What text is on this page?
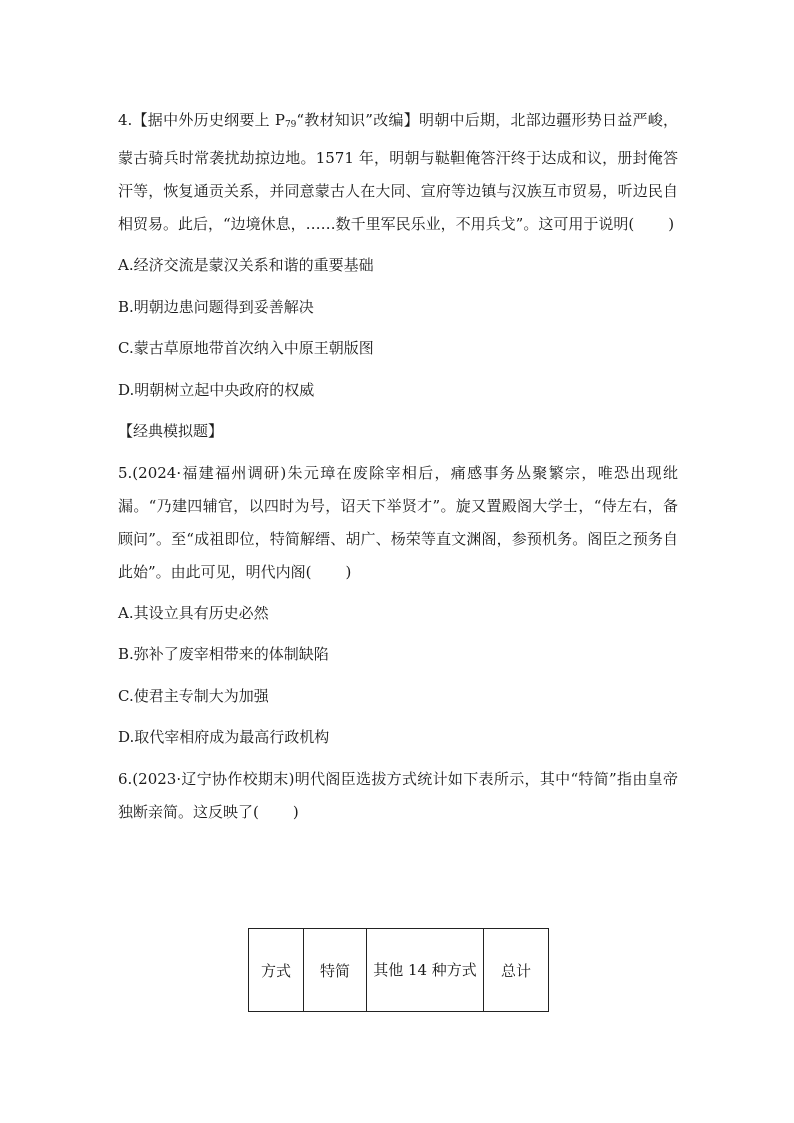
4.【据中外历史纲要上 $P_{79}“$教材知识”改编】明朝中后期，北部边疆形势日益严峻，蒙古骑兵时常袭扰劫掠边地。1571 年，明朝与鞑靼俺答汗终于达成和议，册封俺答汗等，恢复通贡关系，并同意蒙古人在大同、宣府等边镇与汉族互市贸易，听边民自相贸易。此后，“边境休息，……数千里军民乐业，不用兵戈”。这可用于说明( )

A.经济交流是蒙汉关系和谐的重要基础

B.明朝边患问题得到妥善解决

C.蒙古草原地带首次纳入中原王朝版图

D.明朝树立起中央政府的权威

【经典模拟题】

5.(2024·福建福州调研)朱元璋在废除宰相后，痛感事务丛聚繁宗，唯恐出现纰漏。“乃建四辅官，以四时为号，诏天下举贤才”。旋又置殿阁大学士，“侍左右，备顾问”。至“成祖即位，特简解缙、胡广、杨荣等直文渊阁，参预机务。阁臣之预务自此始”。由此可见，明代内阁( )

A.其设立具有历史必然

B.弥补了废宰相带来的体制缺陷

C.使君主专制大为加强

D.取代宰相府成为最高行政机构

6.(2023·辽宁协作校期末)明代阁臣选拔方式统计如下表所示，其中“特简”指由皇帝独断亲简。这反映了( )

方式	特简	其他 14 种方式	总计
